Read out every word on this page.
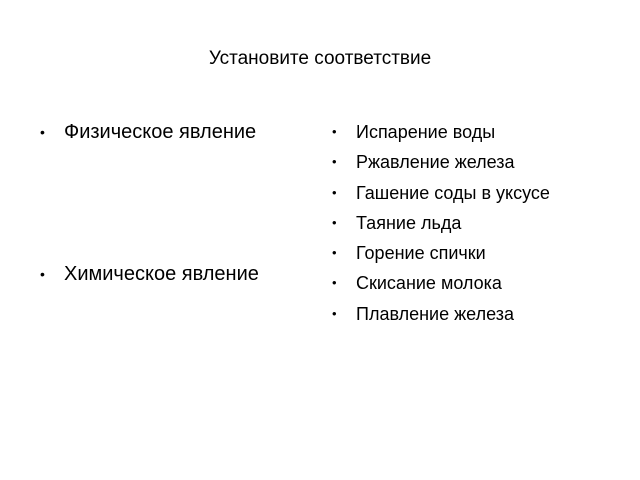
Установите соответствие
• Физическое явление
• Химическое явление
• Испарение воды
• Ржавление железа
• Гашение соды в уксусе
• Таяние льда
• Горение спички
• Скисание молока
• Плавление железа
